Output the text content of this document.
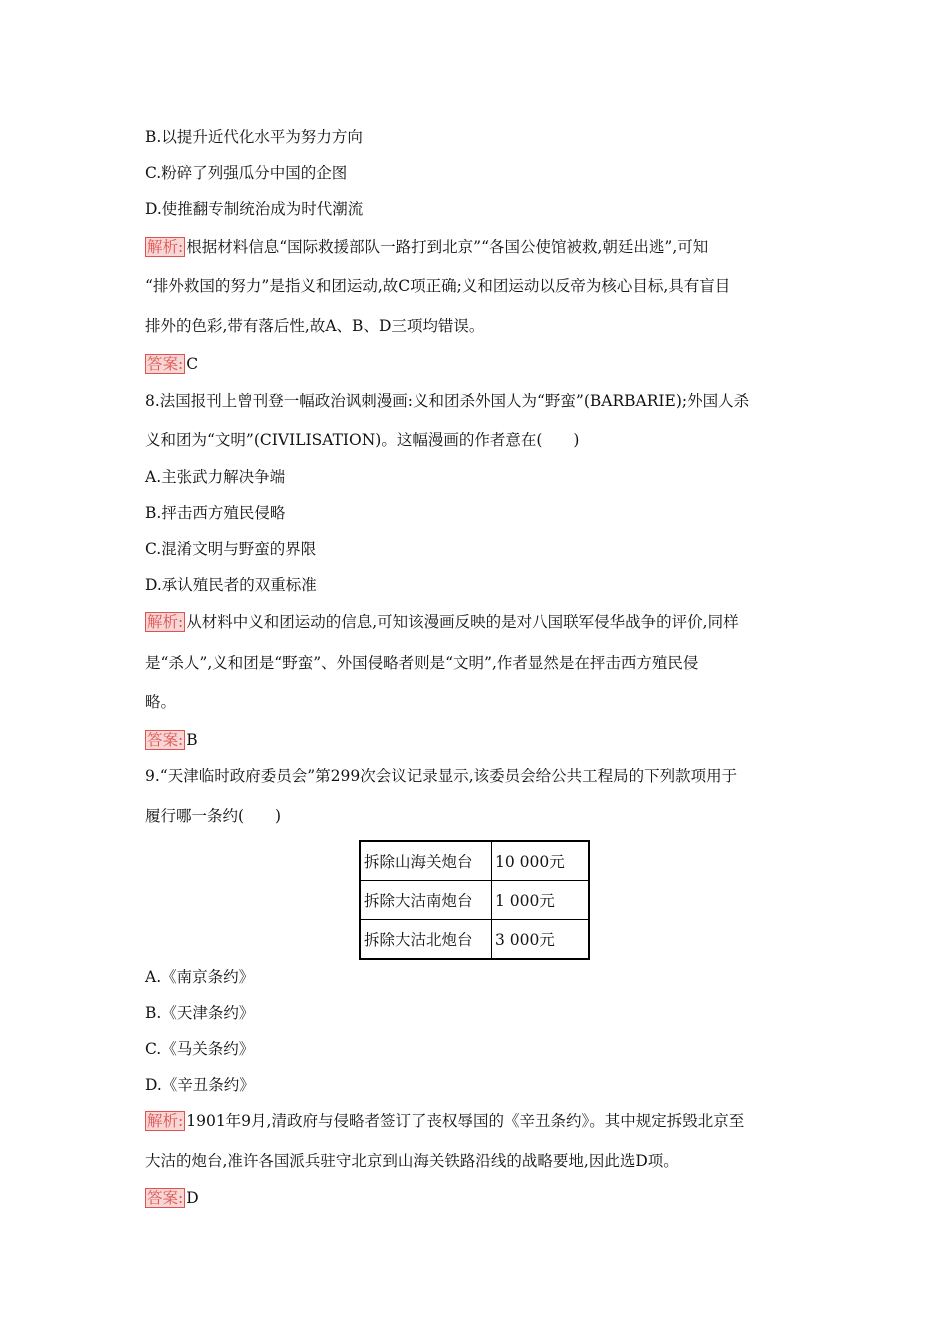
B.以提升近代化水平为努力方向
C.粉碎了列强瓜分中国的企图
D.使推翻专制统治成为时代潮流
解析: 根据材料信息“国际救援部队一路打到北京”“各国公使馆被救,朝廷出逃”,可知
“排外救国的努力”是指义和团运动,故C项正确;义和团运动以反帝为核心目标,具有盲目
排外的色彩,带有落后性,故A、B、D三项均错误。
答案: C
8.法国报刊上曾刊登一幅政治讽刺漫画:义和团杀外国人为“野蛮”(BARBARIE);外国人杀
义和团为“文明”(CIVILISATION)。这幅漫画的作者意在(　　)
A.主张武力解决争端
B.抨击西方殖民侵略
C.混淆文明与野蛮的界限
D.承认殖民者的双重标准
解析: 从材料中义和团运动的信息,可知该漫画反映的是对八国联军侵华战争的评价,同样
是“杀人”,义和团是“野蛮”、外国侵略者则是“文明”,作者显然是在抨击西方殖民侵
略。
答案: B
9.“天津临时政府委员会”第299次会议记录显示,该委员会给公共工程局的下列款项用于
履行哪一条约(　　)
拆除山海关炮台	10 000元
拆除大沽南炮台	1 000元
拆除大沽北炮台	3 000元
A.《南京条约》
B.《天津条约》
C.《马关条约》
D.《辛丑条约》
解析: 1901年9月,清政府与侵略者签订了丧权辱国的《辛丑条约》。其中规定拆毁北京至
大沽的炮台,准许各国派兵驻守北京到山海关铁路沿线的战略要地,因此选D项。
答案: D
